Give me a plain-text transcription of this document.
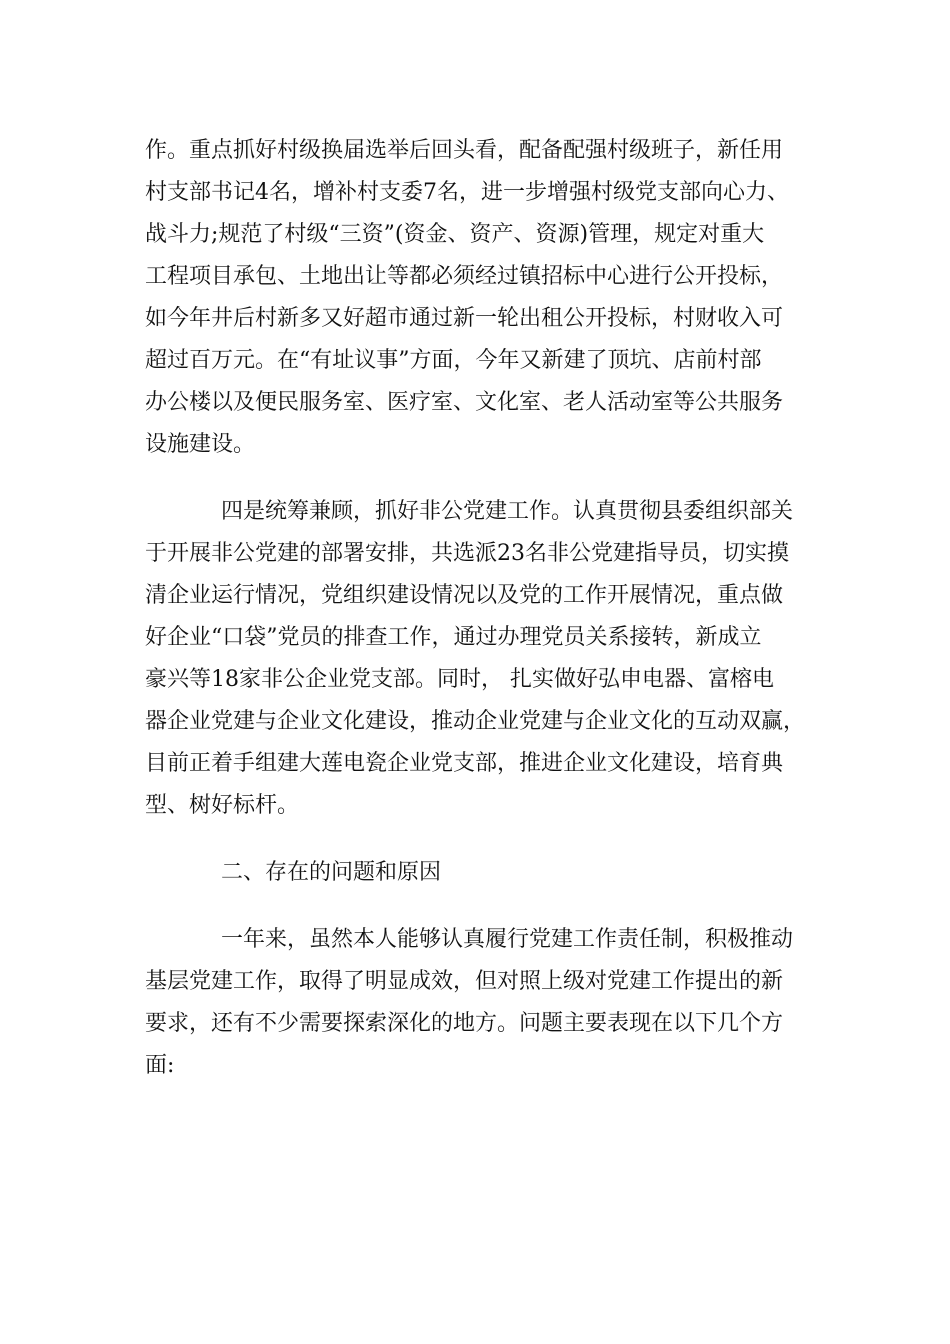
作。重点抓好村级换届选举后回头看，配备配强村级班子，新任用
村支部书记4名，增补村支委7名，进一步增强村级党支部向心力、
战斗力;规范了村级“三资”(资金、资产、资源)管理，规定对重大
工程项目承包、土地出让等都必须经过镇招标中心进行公开投标，
如今年井后村新多又好超市通过新一轮出租公开投标，村财收入可
超过百万元。在“有址议事”方面，今年又新建了顶坑、店前村部
办公楼以及便民服务室、医疗室、文化室、老人活动室等公共服务
设施建设。
四是统筹兼顾，抓好非公党建工作。认真贯彻县委组织部关
于开展非公党建的部署安排，共选派23名非公党建指导员，切实摸
清企业运行情况，党组织建设情况以及党的工作开展情况，重点做
好企业“口袋”党员的排查工作，通过办理党员关系接转，新成立
豪兴等18家非公企业党支部。同时， 扎实做好弘申电器、富榕电
器企业党建与企业文化建设，推动企业党建与企业文化的互动双赢，
目前正着手组建大莲电瓷企业党支部，推进企业文化建设，培育典
型、树好标杆。
二、存在的问题和原因
一年来，虽然本人能够认真履行党建工作责任制，积极推动
基层党建工作，取得了明显成效，但对照上级对党建工作提出的新
要求，还有不少需要探索深化的地方。问题主要表现在以下几个方
面:
